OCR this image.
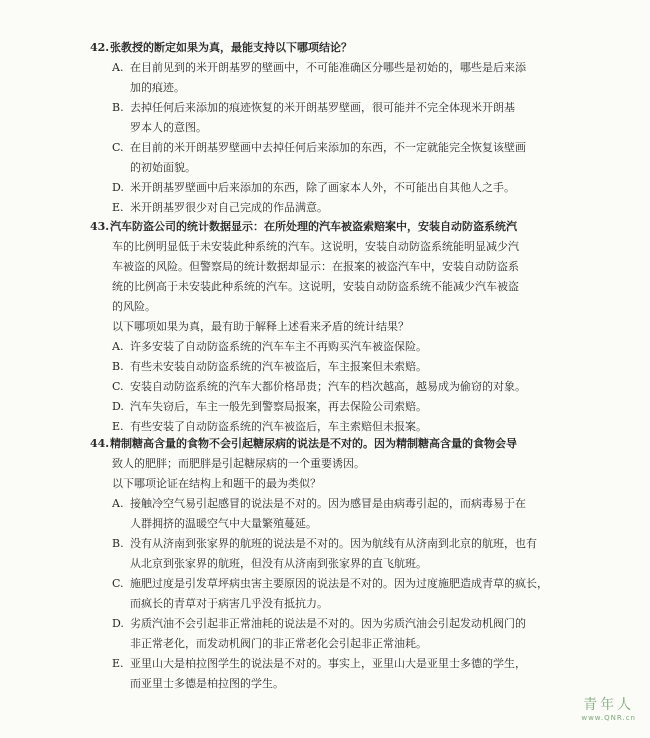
42.张教授的断定如果为真，最能支持以下哪项结论？
A. 在目前见到的米开朗基罗的壁画中，不可能准确区分哪些是初始的，哪些是后来添
加的痕迹。
B. 去掉任何后来添加的痕迹恢复的米开朗基罗壁画，很可能并不完全体现米开朗基
罗本人的意图。
C. 在目前的米开朗基罗壁画中去掉任何后来添加的东西，不一定就能完全恢复该壁画
的初始面貌。
D. 米开朗基罗壁画中后来添加的东西，除了画家本人外，不可能出自其他人之手。
E. 米开朗基罗很少对自己完成的作品满意。
43.汽车防盗公司的统计数据显示：在所处理的汽车被盗索赔案中，安装自动防盗系统汽
车的比例明显低于未安装此种系统的汽车。这说明，安装自动防盗系统能明显减少汽
车被盗的风险。但警察局的统计数据却显示：在报案的被盗汽车中，安装自动防盗系
统的比例高于未安装此种系统的汽车。这说明，安装自动防盗系统不能减少汽车被盗
的风险。
以下哪项如果为真，最有助于解释上述看来矛盾的统计结果？
A. 许多安装了自动防盗系统的汽车车主不再购买汽车被盗保险。
B. 有些未安装自动防盗系统的汽车被盗后，车主报案但未索赔。
C. 安装自动防盗系统的汽车大都价格昂贵；汽车的档次越高，越易成为偷窃的对象。
D. 汽车失窃后，车主一般先到警察局报案，再去保险公司索赔。
E. 有些安装了自动防盗系统的汽车被盗后，车主索赔但未报案。
44.精制糖高含量的食物不会引起糖尿病的说法是不对的。因为精制糖高含量的食物会导
致人的肥胖；而肥胖是引起糖尿病的一个重要诱因。
以下哪项论证在结构上和题干的最为类似？
A. 接触冷空气易引起感冒的说法是不对的。因为感冒是由病毒引起的，而病毒易于在
人群拥挤的温暖空气中大量繁殖蔓延。
B. 没有从济南到张家界的航班的说法是不对的。因为航线有从济南到北京的航班，也有
从北京到张家界的航班，但没有从济南到张家界的直飞航班。
C. 施肥过度是引发草坪病虫害主要原因的说法是不对的。因为过度施肥造成青草的疯长，
而疯长的青草对于病害几乎没有抵抗力。
D. 劣质汽油不会引起非正常油耗的说法是不对的。因为劣质汽油会引起发动机阀门的
非正常老化，而发动机阀门的非正常老化会引起非正常油耗。
E. 亚里山大是柏拉图学生的说法是不对的。事实上，亚里山大是亚里士多德的学生，
而亚里士多德是柏拉图的学生。
青年人
www.QNR.cn
